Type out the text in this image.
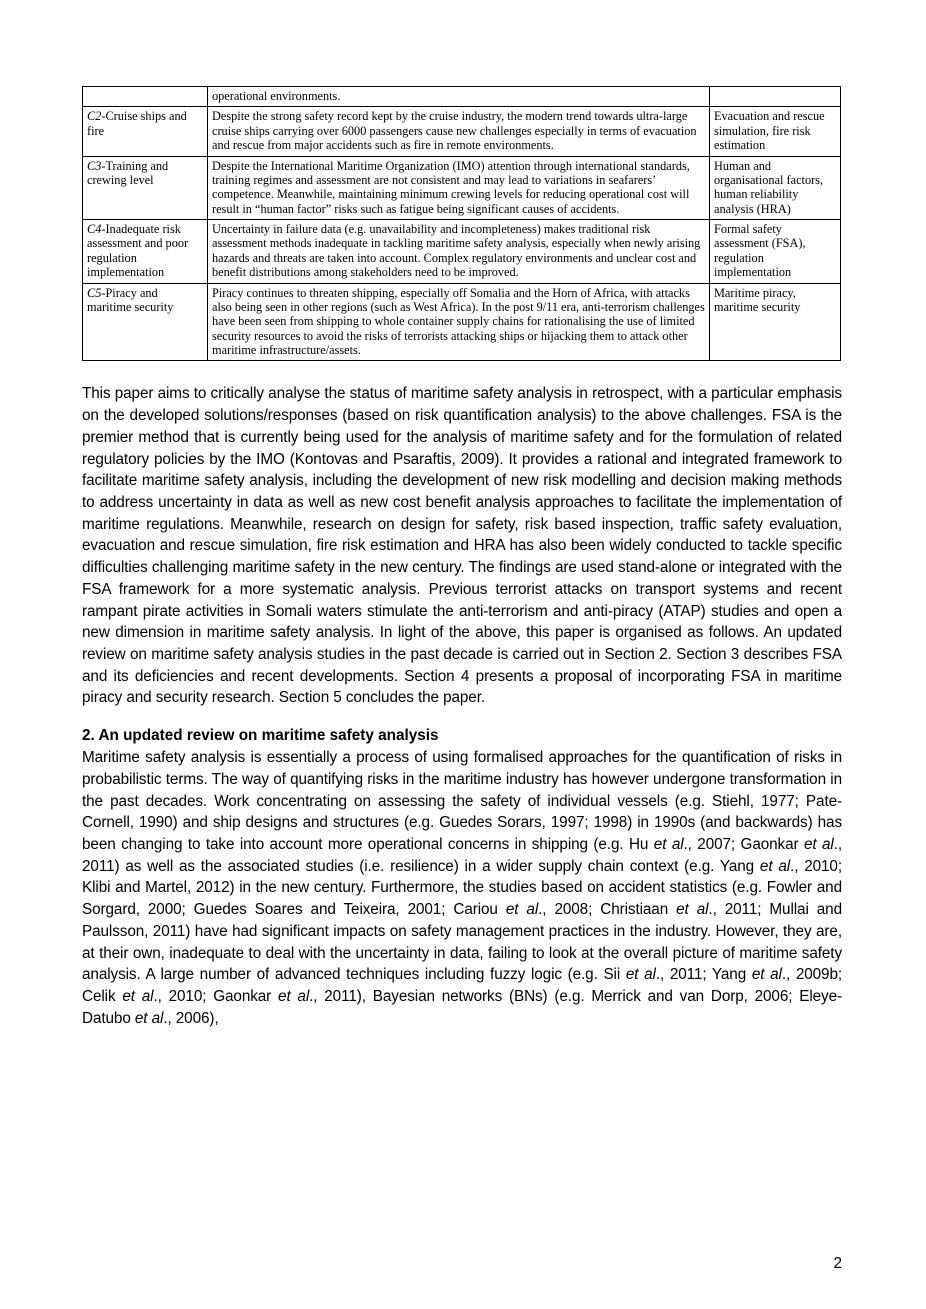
	operational environments.	
C2-Cruise ships and fire	Despite the strong safety record kept by the cruise industry, the modern trend towards ultra-large cruise ships carrying over 6000 passengers cause new challenges especially in terms of evacuation and rescue from major accidents such as fire in remote environments.	Evacuation and rescue simulation, fire risk estimation
C3-Training and crewing level	Despite the International Maritime Organization (IMO) attention through international standards, training regimes and assessment are not consistent and may lead to variations in seafarers’ competence. Meanwhile, maintaining minimum crewing levels for reducing operational cost will result in “human factor” risks such as fatigue being significant causes of accidents.	Human and organisational factors, human reliability analysis (HRA)
C4-Inadequate risk assessment and poor regulation implementation	Uncertainty in failure data (e.g. unavailability and incompleteness) makes traditional risk assessment methods inadequate in tackling maritime safety analysis, especially when newly arising hazards and threats are taken into account. Complex regulatory environments and unclear cost and benefit distributions among stakeholders need to be improved.	Formal safety assessment (FSA), regulation implementation
C5-Piracy and maritime security	Piracy continues to threaten shipping, especially off Somalia and the Horn of Africa, with attacks also being seen in other regions (such as West Africa). In the post 9/11 era, anti-terrorism challenges have been seen from shipping to whole container supply chains for rationalising the use of limited security resources to avoid the risks of terrorists attacking ships or hijacking them to attack other maritime infrastructure/assets.	Maritime piracy, maritime security

This paper aims to critically analyse the status of maritime safety analysis in retrospect, with a particular emphasis on the developed solutions/responses (based on risk quantification analysis) to the above challenges. FSA is the premier method that is currently being used for the analysis of maritime safety and for the formulation of related regulatory policies by the IMO (Kontovas and Psaraftis, 2009). It provides a rational and integrated framework to facilitate maritime safety analysis, including the development of new risk modelling and decision making methods to address uncertainty in data as well as new cost benefit analysis approaches to facilitate the implementation of maritime regulations. Meanwhile, research on design for safety, risk based inspection, traffic safety evaluation, evacuation and rescue simulation, fire risk estimation and HRA has also been widely conducted to tackle specific difficulties challenging maritime safety in the new century. The findings are used stand-alone or integrated with the FSA framework for a more systematic analysis. Previous terrorist attacks on transport systems and recent rampant pirate activities in Somali waters stimulate the anti-terrorism and anti-piracy (ATAP) studies and open a new dimension in maritime safety analysis. In light of the above, this paper is organised as follows. An updated review on maritime safety analysis studies in the past decade is carried out in Section 2. Section 3 describes FSA and its deficiencies and recent developments. Section 4 presents a proposal of incorporating FSA in maritime piracy and security research. Section 5 concludes the paper.

2. An updated review on maritime safety analysis

Maritime safety analysis is essentially a process of using formalised approaches for the quantification of risks in probabilistic terms. The way of quantifying risks in the maritime industry has however undergone transformation in the past decades. Work concentrating on assessing the safety of individual vessels (e.g. Stiehl, 1977; Pate-Cornell, 1990) and ship designs and structures (e.g. Guedes Sorars, 1997; 1998) in 1990s (and backwards) has been changing to take into account more operational concerns in shipping (e.g. Hu et al., 2007; Gaonkar et al., 2011) as well as the associated studies (i.e. resilience) in a wider supply chain context (e.g. Yang et al., 2010; Klibi and Martel, 2012) in the new century. Furthermore, the studies based on accident statistics (e.g. Fowler and Sorgard, 2000; Guedes Soares and Teixeira, 2001; Cariou et al., 2008; Christiaan et al., 2011; Mullai and Paulsson, 2011) have had significant impacts on safety management practices in the industry. However, they are, at their own, inadequate to deal with the uncertainty in data, failing to look at the overall picture of maritime safety analysis. A large number of advanced techniques including fuzzy logic (e.g. Sii et al., 2011; Yang et al., 2009b; Celik et al., 2010; Gaonkar et al., 2011), Bayesian networks (BNs) (e.g. Merrick and van Dorp, 2006; Eleye-Datubo et al., 2006),

2
